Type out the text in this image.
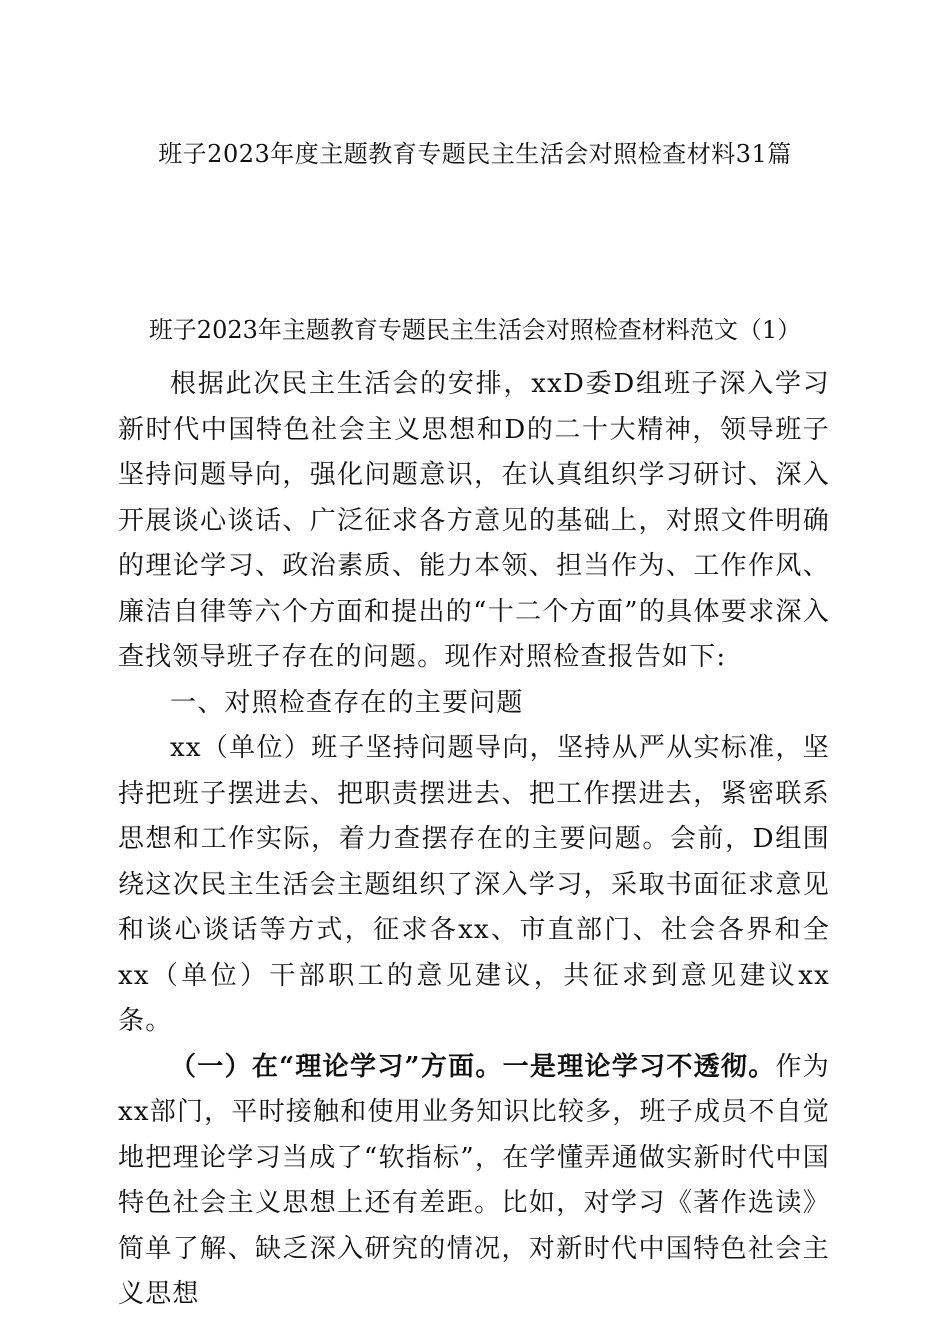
班子2023年度主题教育专题民主生活会对照检查材料31篇
班子2023年主题教育专题民主生活会对照检查材料范文（1）

根据此次民主生活会的安排，xxD委D组班子深入学习新时代中国特色社会主义思想和D的二十大精神，领导班子坚持问题导向，强化问题意识，在认真组织学习研讨、深入开展谈心谈话、广泛征求各方意见的基础上，对照文件明确的理论学习、政治素质、能力本领、担当作为、工作作风、廉洁自律等六个方面和提出的“十二个方面”的具体要求深入查找领导班子存在的问题。现作对照检查报告如下:

一、对照检查存在的主要问题

xx（单位）班子坚持问题导向，坚持从严从实标准，坚持把班子摆进去、把职责摆进去、把工作摆进去，紧密联系思想和工作实际，着力查摆存在的主要问题。会前，D组围绕这次民主生活会主题组织了深入学习，采取书面征求意见和谈心谈话等方式，征求各xx、市直部门、社会各界和全xx（单位）干部职工的意见建议，共征求到意见建议xx条。

（一）在“理论学习”方面。一是理论学习不透彻。作为xx部门，平时接触和使用业务知识比较多，班子成员不自觉地把理论学习当成了“软指标”，在学懂弄通做实新时代中国特色社会主义思想上还有差距。比如，对学习《著作选读》简单了解、缺乏深入研究的情况，对新时代中国特色社会主义思想
